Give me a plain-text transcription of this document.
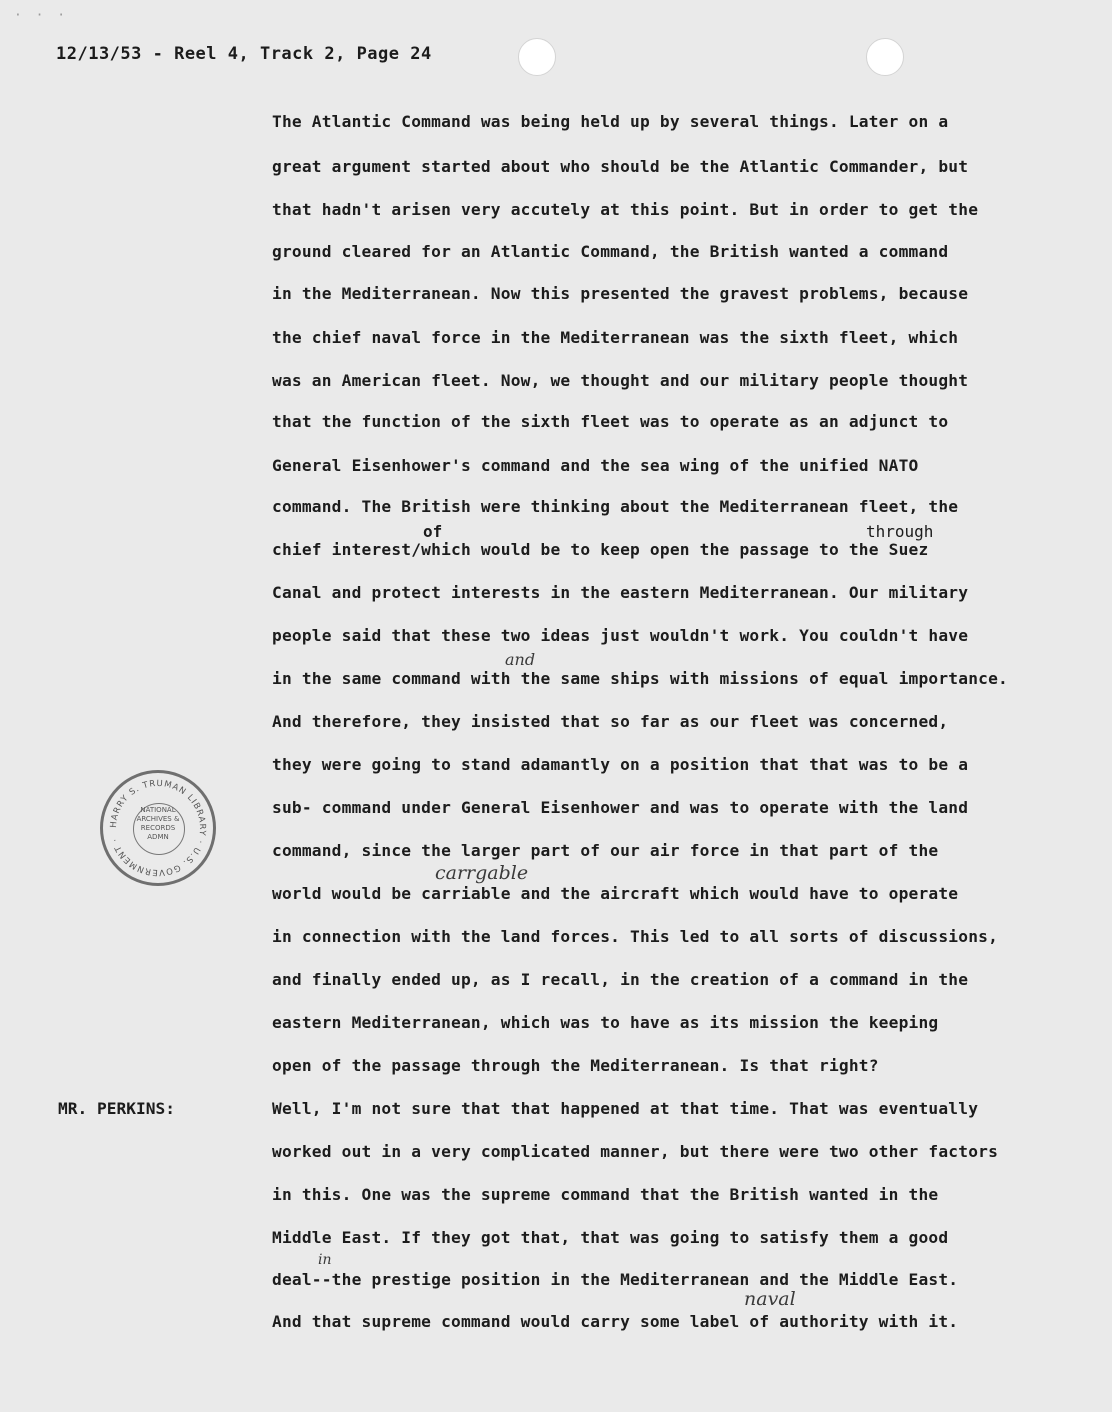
· · ·
12/13/53 - Reel 4, Track 2, Page 24
The Atlantic Command was being held up by several things. Later on a
great argument started about who should be the Atlantic Commander, but
that hadn't arisen very accutely at this point. But in order to get the
ground cleared for an Atlantic Command, the British wanted a command
in the Mediterranean. Now this presented the gravest problems, because
the chief naval force in the Mediterranean was the sixth fleet, which
was an American fleet. Now, we thought and our military people thought
that the function of the sixth fleet was to operate as an adjunct to
General Eisenhower's command and the sea wing of the unified NATO
command. The British were thinking about the Mediterranean fleet, the
chief interest/which would be to keep open the passage to the Suez
Canal and protect interests in the eastern Mediterranean. Our military
people said that these two ideas just wouldn't work. You couldn't have
in the same command with the same ships with missions of equal importance.
And therefore, they insisted that so far as our fleet was concerned,
they were going to stand adamantly on a position that that was to be a
sub- command under General Eisenhower and was to operate with the land
command, since the larger part of our air force in that part of the
world would be carriable and the aircraft which would have to operate
in connection with the land forces. This led to all sorts of discussions,
and finally ended up, as I recall, in the creation of a command in the
eastern Mediterranean, which was to have as its mission the keeping
open of the passage through the Mediterranean. Is that right?
MR. PERKINS:	Well, I'm not sure that that happened at that time. That was eventually
worked out in a very complicated manner, but there were two other factors
in this. One was the supreme command that the British wanted in the
Middle East. If they got that, that was going to satisfy them a good
deal--the prestige position in the Mediterranean and the Middle East.
And that supreme command would carry some label of authority with it.
of	through
and
carrgable
in
naval
HARRY S. TRUMAN LIBRARY · U.S. GOVERNMENT ·
NATIONAL
ARCHIVES &
RECORDS
ADMN
